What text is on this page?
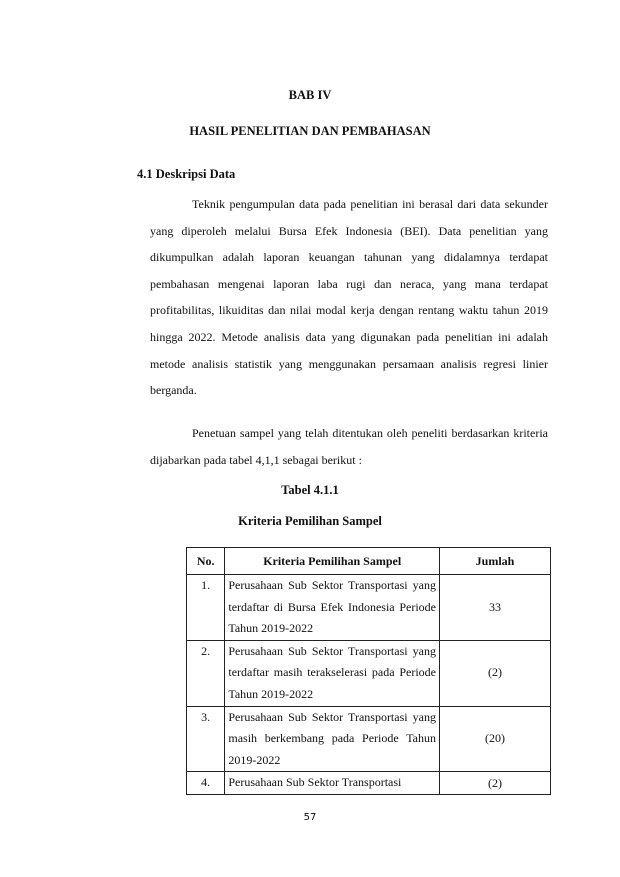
BAB IV
HASIL PENELITIAN DAN PEMBAHASAN
4.1 Deskripsi Data
Teknik pengumpulan data pada penelitian ini berasal dari data sekunder yang diperoleh melalui Bursa Efek Indonesia (BEI). Data penelitian yang dikumpulkan adalah laporan keuangan tahunan yang didalamnya terdapat pembahasan mengenai laporan laba rugi dan neraca, yang mana terdapat profitabilitas, likuiditas dan nilai modal kerja dengan rentang waktu tahun 2019 hingga 2022. Metode analisis data yang digunakan pada penelitian ini adalah metode analisis statistik yang menggunakan persamaan analisis regresi linier berganda.
Penetuan sampel yang telah ditentukan oleh peneliti berdasarkan kriteria dijabarkan pada tabel 4,1,1 sebagai berikut :
Tabel 4.1.1
Kriteria Pemilihan Sampel
No.	Kriteria Pemilihan Sampel	Jumlah
1.	Perusahaan Sub Sektor Transportasi yang terdaftar di Bursa Efek Indonesia Periode Tahun 2019-2022	33
2.	Perusahaan Sub Sektor Transportasi yang terdaftar masih terakselerasi pada Periode Tahun 2019-2022	(2)
3.	Perusahaan Sub Sektor Transportasi yang masih berkembang pada Periode Tahun 2019-2022	(20)
4.	Perusahaan Sub Sektor Transportasi	(2)
57
